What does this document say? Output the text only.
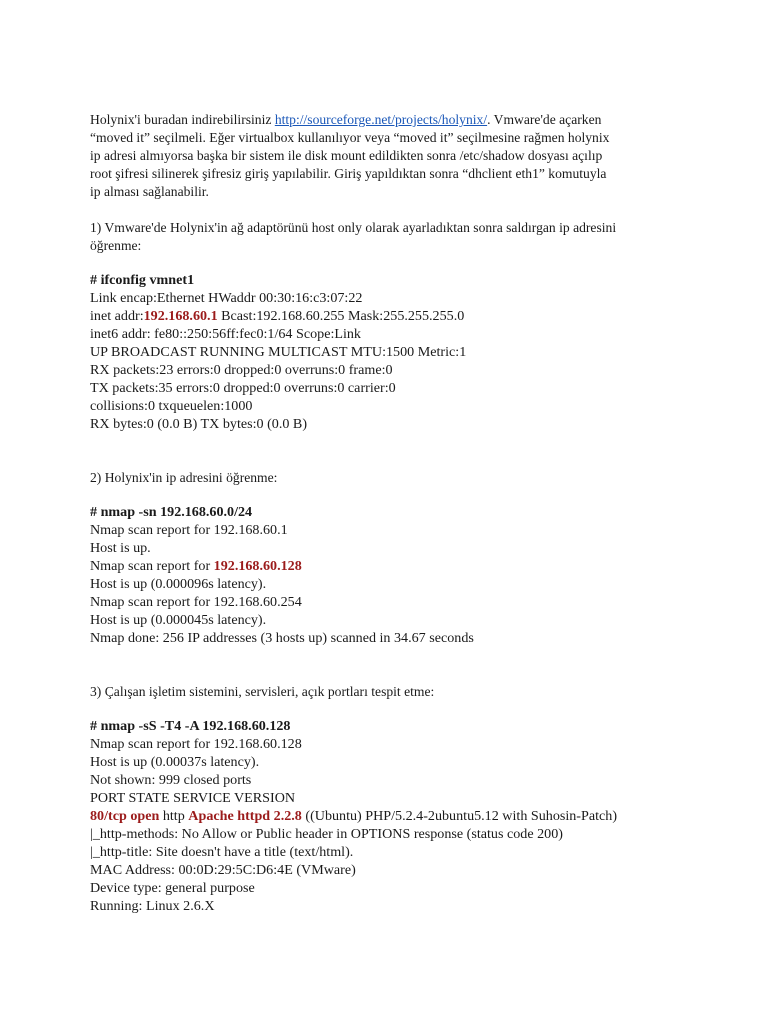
Holynix'i buradan indirebilirsiniz http://sourceforge.net/projects/holynix/. Vmware'de açarken
“moved it” seçilmeli. Eğer virtualbox kullanılıyor veya “moved it” seçilmesine rağmen holynix
ip adresi almıyorsa başka bir sistem ile disk mount edildikten sonra /etc/shadow dosyası açılıp
root şifresi silinerek şifresiz giriş yapılabilir. Giriş yapıldıktan sonra “dhclient eth1” komutuyla
ip alması sağlanabilir.
1) Vmware'de Holynix'in ağ adaptörünü host only olarak ayarladıktan sonra saldırgan ip adresini
öğrenme:
# ifconfig vmnet1
Link encap:Ethernet HWaddr 00:30:16:c3:07:22
inet addr:192.168.60.1 Bcast:192.168.60.255 Mask:255.255.255.0
inet6 addr: fe80::250:56ff:fec0:1/64 Scope:Link
UP BROADCAST RUNNING MULTICAST MTU:1500 Metric:1
RX packets:23 errors:0 dropped:0 overruns:0 frame:0
TX packets:35 errors:0 dropped:0 overruns:0 carrier:0
collisions:0 txqueuelen:1000
RX bytes:0 (0.0 B) TX bytes:0 (0.0 B)
2) Holynix'in ip adresini öğrenme:
# nmap -sn 192.168.60.0/24
Nmap scan report for 192.168.60.1
Host is up.
Nmap scan report for 192.168.60.128
Host is up (0.000096s latency).
Nmap scan report for 192.168.60.254
Host is up (0.000045s latency).
Nmap done: 256 IP addresses (3 hosts up) scanned in 34.67 seconds
3) Çalışan işletim sistemini, servisleri, açık portları tespit etme:
# nmap -sS -T4 -A 192.168.60.128
Nmap scan report for 192.168.60.128
Host is up (0.00037s latency).
Not shown: 999 closed ports
PORT STATE SERVICE VERSION
80/tcp open http Apache httpd 2.2.8 ((Ubuntu) PHP/5.2.4-2ubuntu5.12 with Suhosin-Patch)
|_http-methods: No Allow or Public header in OPTIONS response (status code 200)
|_http-title: Site doesn't have a title (text/html).
MAC Address: 00:0D:29:5C:D6:4E (VMware)
Device type: general purpose
Running: Linux 2.6.X
